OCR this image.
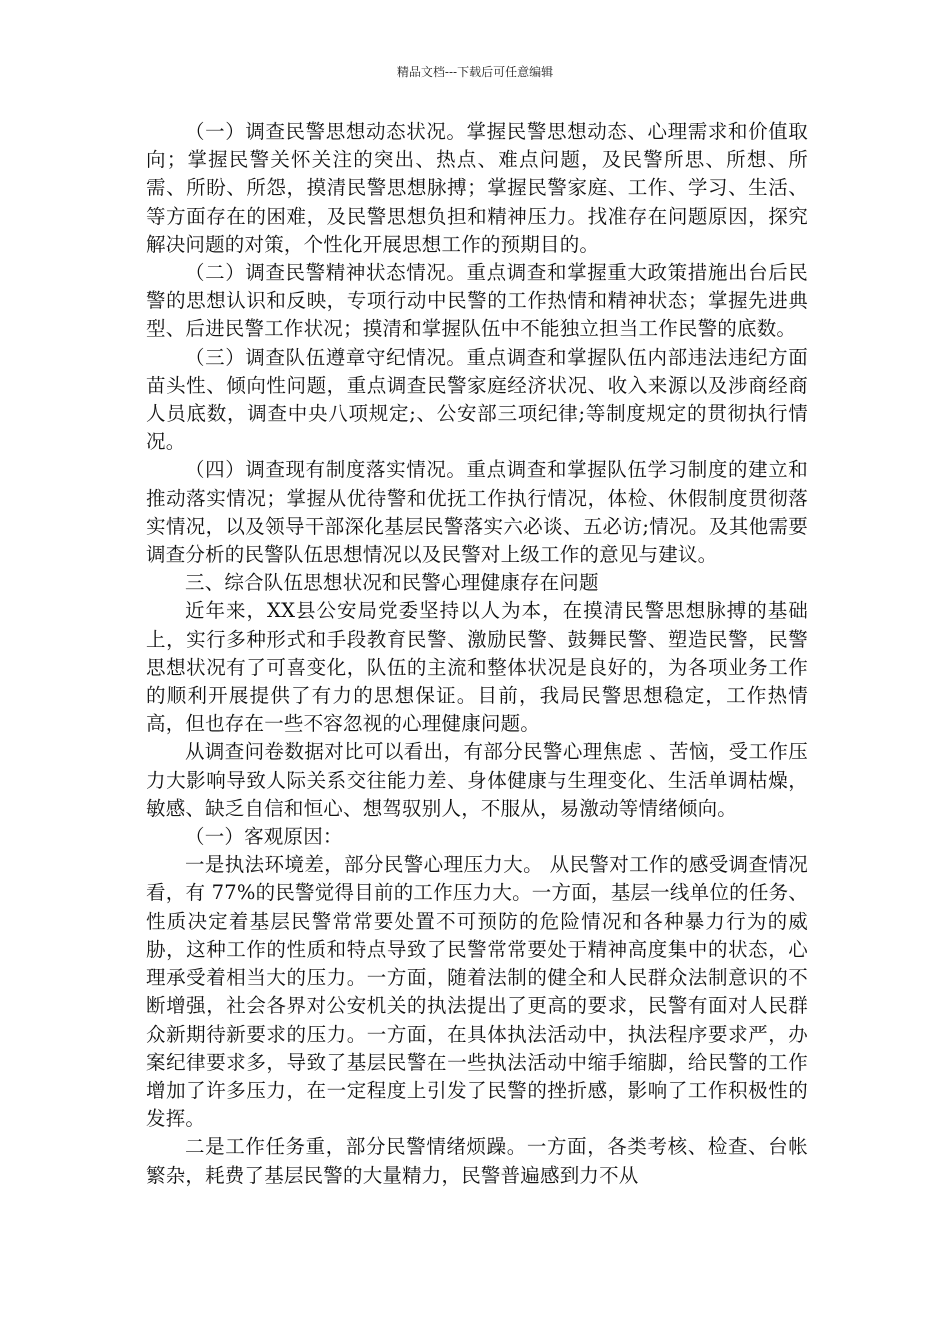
精品文档---下载后可任意编辑

（一）调查民警思想动态状况。掌握民警思想动态、心理需求和价值取向；掌握民警关怀关注的突出、热点、难点问题，及民警所思、所想、所需、所盼、所怨，摸清民警思想脉搏；掌握民警家庭、工作、学习、生活、等方面存在的困难，及民警思想负担和精神压力。找准存在问题原因，探究解决问题的对策，个性化开展思想工作的预期目的。

（二）调查民警精神状态情况。重点调查和掌握重大政策措施出台后民警的思想认识和反映，专项行动中民警的工作热情和精神状态；掌握先进典型、后进民警工作状况；摸清和掌握队伍中不能独立担当工作民警的底数。

（三）调查队伍遵章守纪情况。重点调查和掌握队伍内部违法违纪方面苗头性、倾向性问题，重点调查民警家庭经济状况、收入来源以及涉商经商人员底数，调查中央八项规定;、公安部三项纪律;等制度规定的贯彻执行情况。

（四）调查现有制度落实情况。重点调查和掌握队伍学习制度的建立和推动落实情况；掌握从优待警和优抚工作执行情况，体检、休假制度贯彻落实情况，以及领导干部深化基层民警落实六必谈、五必访;情况。及其他需要调查分析的民警队伍思想情况以及民警对上级工作的意见与建议。

三、综合队伍思想状况和民警心理健康存在问题

近年来，XX县公安局党委坚持以人为本，在摸清民警思想脉搏的基础上，实行多种形式和手段教育民警、激励民警、鼓舞民警、塑造民警，民警思想状况有了可喜变化，队伍的主流和整体状况是良好的，为各项业务工作的顺利开展提供了有力的思想保证。目前，我局民警思想稳定，工作热情高，但也存在一些不容忽视的心理健康问题。

从调查问卷数据对比可以看出，有部分民警心理焦虑 、苦恼，受工作压力大影响导致人际关系交往能力差、身体健康与生理变化、生活单调枯燥，敏感、缺乏自信和恒心、想驾驭别人，不服从，易激动等情绪倾向。

（一）客观原因：

一是执法环境差，部分民警心理压力大。 从民警对工作的感受调查情况看，有 77%的民警觉得目前的工作压力大。一方面，基层一线单位的任务、性质决定着基层民警常常要处置不可预防的危险情况和各种暴力行为的威胁，这种工作的性质和特点导致了民警常常要处于精神高度集中的状态，心理承受着相当大的压力。一方面，随着法制的健全和人民群众法制意识的不断增强，社会各界对公安机关的执法提出了更高的要求，民警有面对人民群众新期待新要求的压力。一方面，在具体执法活动中，执法程序要求严，办案纪律要求多，导致了基层民警在一些执法活动中缩手缩脚，给民警的工作增加了许多压力，在一定程度上引发了民警的挫折感，影响了工作积极性的发挥。

二是工作任务重，部分民警情绪烦躁。一方面，各类考核、检查、台帐繁杂，耗费了基层民警的大量精力，民警普遍感到力不从
